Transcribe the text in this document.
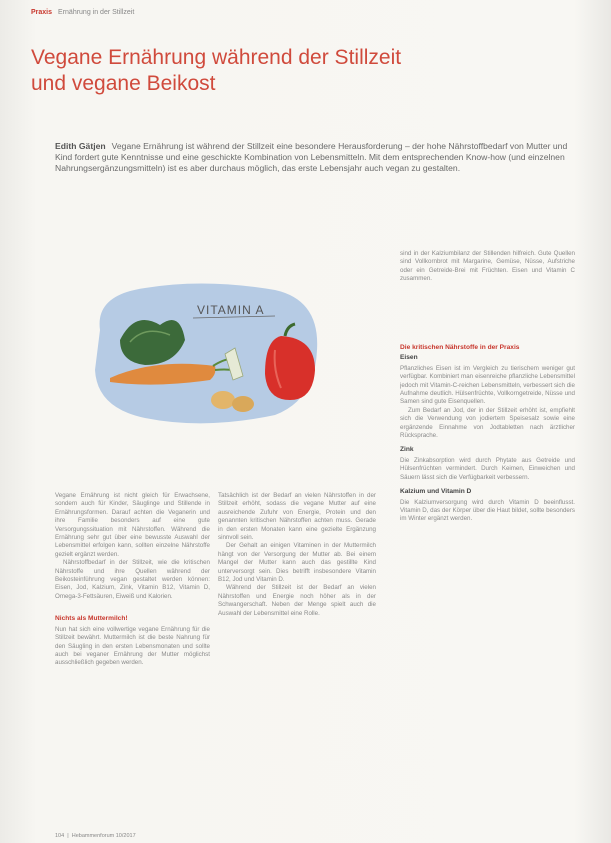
Praxis Ernährung in der Stillzeit
Vegane Ernährung während der Stillzeit
und vegane Beikost
Edith Gätjen Vegane Ernährung ist während der Stillzeit eine besondere Herausforderung – der hohe Nährstoffbedarf von Mutter und Kind fordert gute Kenntnisse und eine geschickte Kombination von Lebensmitteln. Mit dem entsprechenden Know-how (und einzelnen Nahrungsergänzungsmitteln) ist es aber durchaus möglich, das erste Lebensjahr auch vegan zu gestalten.
VITAMIN A

Vegane Ernährung ist nicht gleich für Erwachsene, sondern auch für Kinder, Säuglinge und Stillende in Ernährungsformen. Darauf achten die Veganerin und ihre Familie besonders auf eine gute Versorgungssituation mit Nährstoffen. Während die Ernährung sehr gut über eine bewusste Auswahl der Lebensmittel erfolgen kann, sollten einzelne Nährstoffe gezielt ergänzt werden.

Nährstoffbedarf in der Stillzeit, wie die kritischen Nährstoffe und ihre Quellen während der Beikosteinführung vegan gestaltet werden können: Eisen, Jod, Kalzium, Zink, Vitamin B12, Vitamin D, Omega-3-Fettsäuren, Eiweiß und Kalorien.

Nichts als Muttermilch!

Nun hat sich eine vollwertige vegane Ernährung für die Stillzeit bewährt. Muttermilch ist die beste Nahrung für den Säugling in den ersten Lebensmonaten und sollte auch bei veganer Ernährung der Mutter möglichst ausschließlich gegeben werden.

Tatsächlich ist der Bedarf an vielen Nährstoffen in der Stillzeit erhöht, sodass die vegane Mutter auf eine ausreichende Zufuhr von Energie, Protein und den genannten kritischen Nährstoffen achten muss. Gerade in den ersten Monaten kann eine gezielte Ergänzung sinnvoll sein.

Der Gehalt an einigen Vitaminen in der Muttermilch hängt von der Versorgung der Mutter ab. Bei einem Mangel der Mutter kann auch das gestillte Kind unterversorgt sein. Dies betrifft insbesondere Vitamin B12, Jod und Vitamin D.

Während der Stillzeit ist der Bedarf an vielen Nährstoffen und Energie noch höher als in der Schwangerschaft. Neben der Menge spielt auch die Auswahl der Lebensmittel eine Rolle.

sind in der Kalziumbilanz der Stillenden hilfreich. Gute Quellen sind Vollkornbrot mit Margarine, Gemüse, Nüsse, Aufstriche oder ein Getreide-Brei mit Früchten. Eisen und Vitamin C zusammen.

Die kritischen Nährstoffe in der Praxis
Eisen

Pflanzliches Eisen ist im Vergleich zu tierischem weniger gut verfügbar. Kombiniert man eisenreiche pflanzliche Lebensmittel jedoch mit Vitamin-C-reichen Lebensmitteln, verbessert sich die Aufnahme deutlich. Hülsenfrüchte, Vollkorngetreide, Nüsse und Samen sind gute Eisenquellen.

Zum Bedarf an Jod, der in der Stillzeit erhöht ist, empfiehlt sich die Verwendung von jodiertem Speisesalz sowie eine ergänzende Einnahme von Jodtabletten nach ärztlicher Rücksprache.

Zink

Die Zinkabsorption wird durch Phytate aus Getreide und Hülsenfrüchten vermindert. Durch Keimen, Einweichen und Säuern lässt sich die Verfügbarkeit verbessern.

Kalzium und Vitamin D

Die Kalziumversorgung wird durch Vitamin D beeinflusst. Vitamin D, das der Körper über die Haut bildet, sollte besonders im Winter ergänzt werden.

104  |  Hebammenforum 10/2017
